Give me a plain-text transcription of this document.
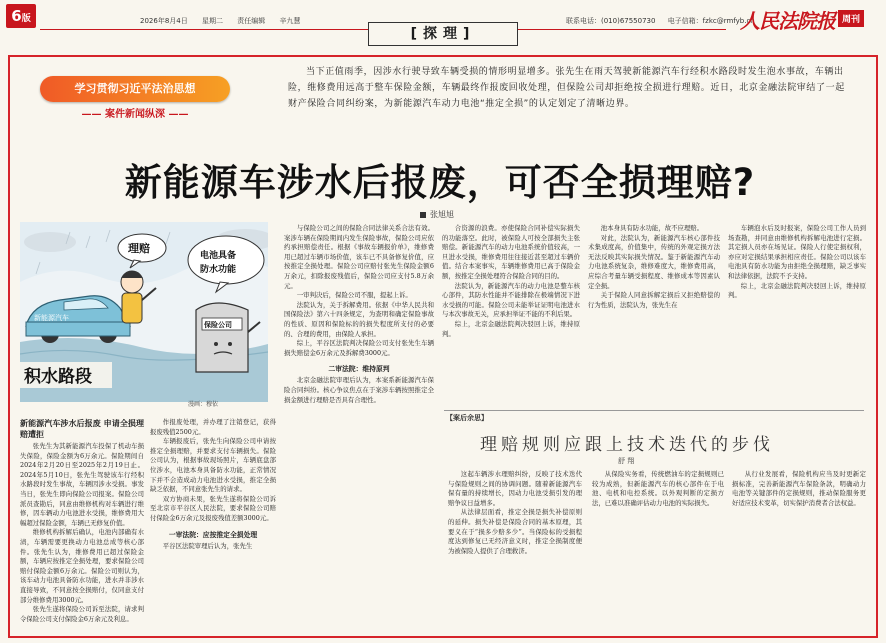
6版	2026年8月4日 星期二 责任编辑 辛九慧	联系电话：(010)67550730 电子信箱：fzkc@rmfyb.cn
人民法院报 周刊
[探理]
学习贯彻习近平法治思想
—— 案件新闻纵深 ——
当下正值雨季，因涉水行驶导致车辆受损的情形明显增多。张先生在雨天驾驶新能源汽车行经积水路段时发生泡水事故，车辆出险，维修费用远高于整车保险金额，车辆最终作报废回收处理，但保险公司却拒绝按全损进行理赔。近日，北京金融法院审结了一起财产保险合同纠纷案，为新能源汽车动力电池“推定全损”的认定划定了清晰边界。
新能源车涉水后报废，可否全损理赔?
张旭旭
新能源汽车
理赔
电池具备
防水功能
保险公司
积水路段
漫画：穆依

新能源汽车涉水后报废 申请全损理赔遭拒

张先生为其新能源汽车投保了机动车损失保险，保险金额为6万余元。保险期间自2024年2月20日至2025年2月19日止。2024年5月10日，张先生驾驶该车行经积水路段时发生事故，车辆因涉水受损。事发当日，张先生即向保险公司报案。保险公司派员查勘后，同意由维修机构对车辆进行维修，因车辆动力电池进水受损，维修费用大幅超过保险金额，车辆已无修复价值。

维修机构拆解后确认，电池内部确有水渍，车辆需要更换动力电池总成等核心部件。张先生认为，维修费用已超过保险金额，车辆应按推定全损处理，要求保险公司赔付保险金额6万余元。保险公司则认为，该车动力电池具备防水功能，进水并非涉水直接导致，不同意按全损赔付，仅同意支付部分维修费用3000元。

张先生遂将保险公司诉至法院，请求判令保险公司支付保险金6万余元及利息。

作报废处理，并办理了注销登记，获得报废残值2500元。

车辆报废后，张先生向保险公司申请按推定全损理赔，并要求支付车辆损失。保险公司认为，根据事故现场照片，车辆底盘部位涉水，电池本身具备防水功能，正常情况下并不会造成动力电池进水受损，推定全损缺乏依据，不同意张先生的请求。

双方协商未果，张先生遂将保险公司诉至北京市平谷区人民法院，要求保险公司赔付保险金6万余元及报废残值差额3000元。

一审法院：应按推定全损处理

平谷区法院审理后认为，张先生

与保险公司之间的保险合同法律关系合法有效。案涉车辆在保险期间内发生保险事故，保险公司应依约承担赔偿责任。根据《事故车辆报价单》，维修费用已超过车辆市场价值，该车已不具备修复价值，应按推定全损处理。保险公司应赔付张先生保险金额6万余元，扣除报废残值后，保险公司应支付5.8万余元。

一审判决后，保险公司不服，提起上诉。

法院认为，关于拆解费用。依据《中华人民共和国保险法》第六十四条规定，为查明和确定保险事故的性质、原因和保险标的的损失程度所支付的必要的、合理的费用，由保险人承担。

综上，平谷区法院判决保险公司支付张先生车辆损失赔偿金6万余元及拆解费3000元。

二审法院：维持原判

北京金融法院审理后认为，本案系新能源汽车保险合同纠纷。核心争议焦点在于案涉车辆按照推定全损金额进行理赔是否具有合理性。

合资源的浪费。亦使保险合同补偿实际损失的功能落空。此时，被保险人可按全部损失主张赔偿。新能源汽车的动力电池系统价值较高，一旦进水受损，维修费用往往接近甚至超过车辆价值。结合本案事实，车辆维修费用已高于保险金额，按推定全损处理符合保险合同的目的。

法院认为，新能源汽车的动力电池是整车核心部件，其防水性能并不能排除在极端情况下进水受损的可能。保险公司未能举证证明电池进水与本次事故无关，应承担举证不能的不利后果。

综上，北京金融法院判决驳回上诉，维持原判。

池本身具有防水功能，故不应理赔。

对此，法院认为，新能源汽车核心部件技术集成度高，价值集中，传统的外观定损方法无法反映其实际损失情况。鉴于新能源汽车动力电池系统复杂，维修难度大，维修费用高，应综合考量车辆受损程度、维修成本等因素认定全损。

关于保险人同意拆解定损后又拒绝赔偿的行为性质，法院认为，张先生在

车辆泡水后及时报案，保险公司工作人员到场查勘，并同意由维修机构拆解电池进行定损。其定损人员亦在场见证。保险人行使定损权利，亦应对定损结果承担相应责任。保险公司以该车电池具有防水功能为由拒绝全损理赔，缺乏事实和法律依据，法院不予支持。

综上，北京金融法院判决驳回上诉，维持原判。

【案后余思】
理赔规则应跟上技术迭代的步伐
舒 翔

这起车辆涉水理赔纠纷，反映了技术迭代与保险规则之间的协调问题。随着新能源汽车保有量的持续增长，因动力电池受损引发的理赔争议日益增多。

从法律层面看，推定全损是损失补偿原则的延伸。损失补偿是保险合同的基本原理，其要义在于“损多少赔多少”。当保险标的受损程度达到修复已无经济意义时，推定全损制度便为被保险人提供了合理救济。

从保险实务看，传统燃油车的定损规则已较为成熟，但新能源汽车的核心部件在于电池、电机和电控系统。以外观判断的定损方法，已难以准确评估动力电池的实际损失。

从行业发展看，保险机构应当及时更新定损标准，完善新能源汽车保险条款，明确动力电池等关键部件的定损规则，推动保险服务更好适应技术变革，切实保护消费者合法权益。
